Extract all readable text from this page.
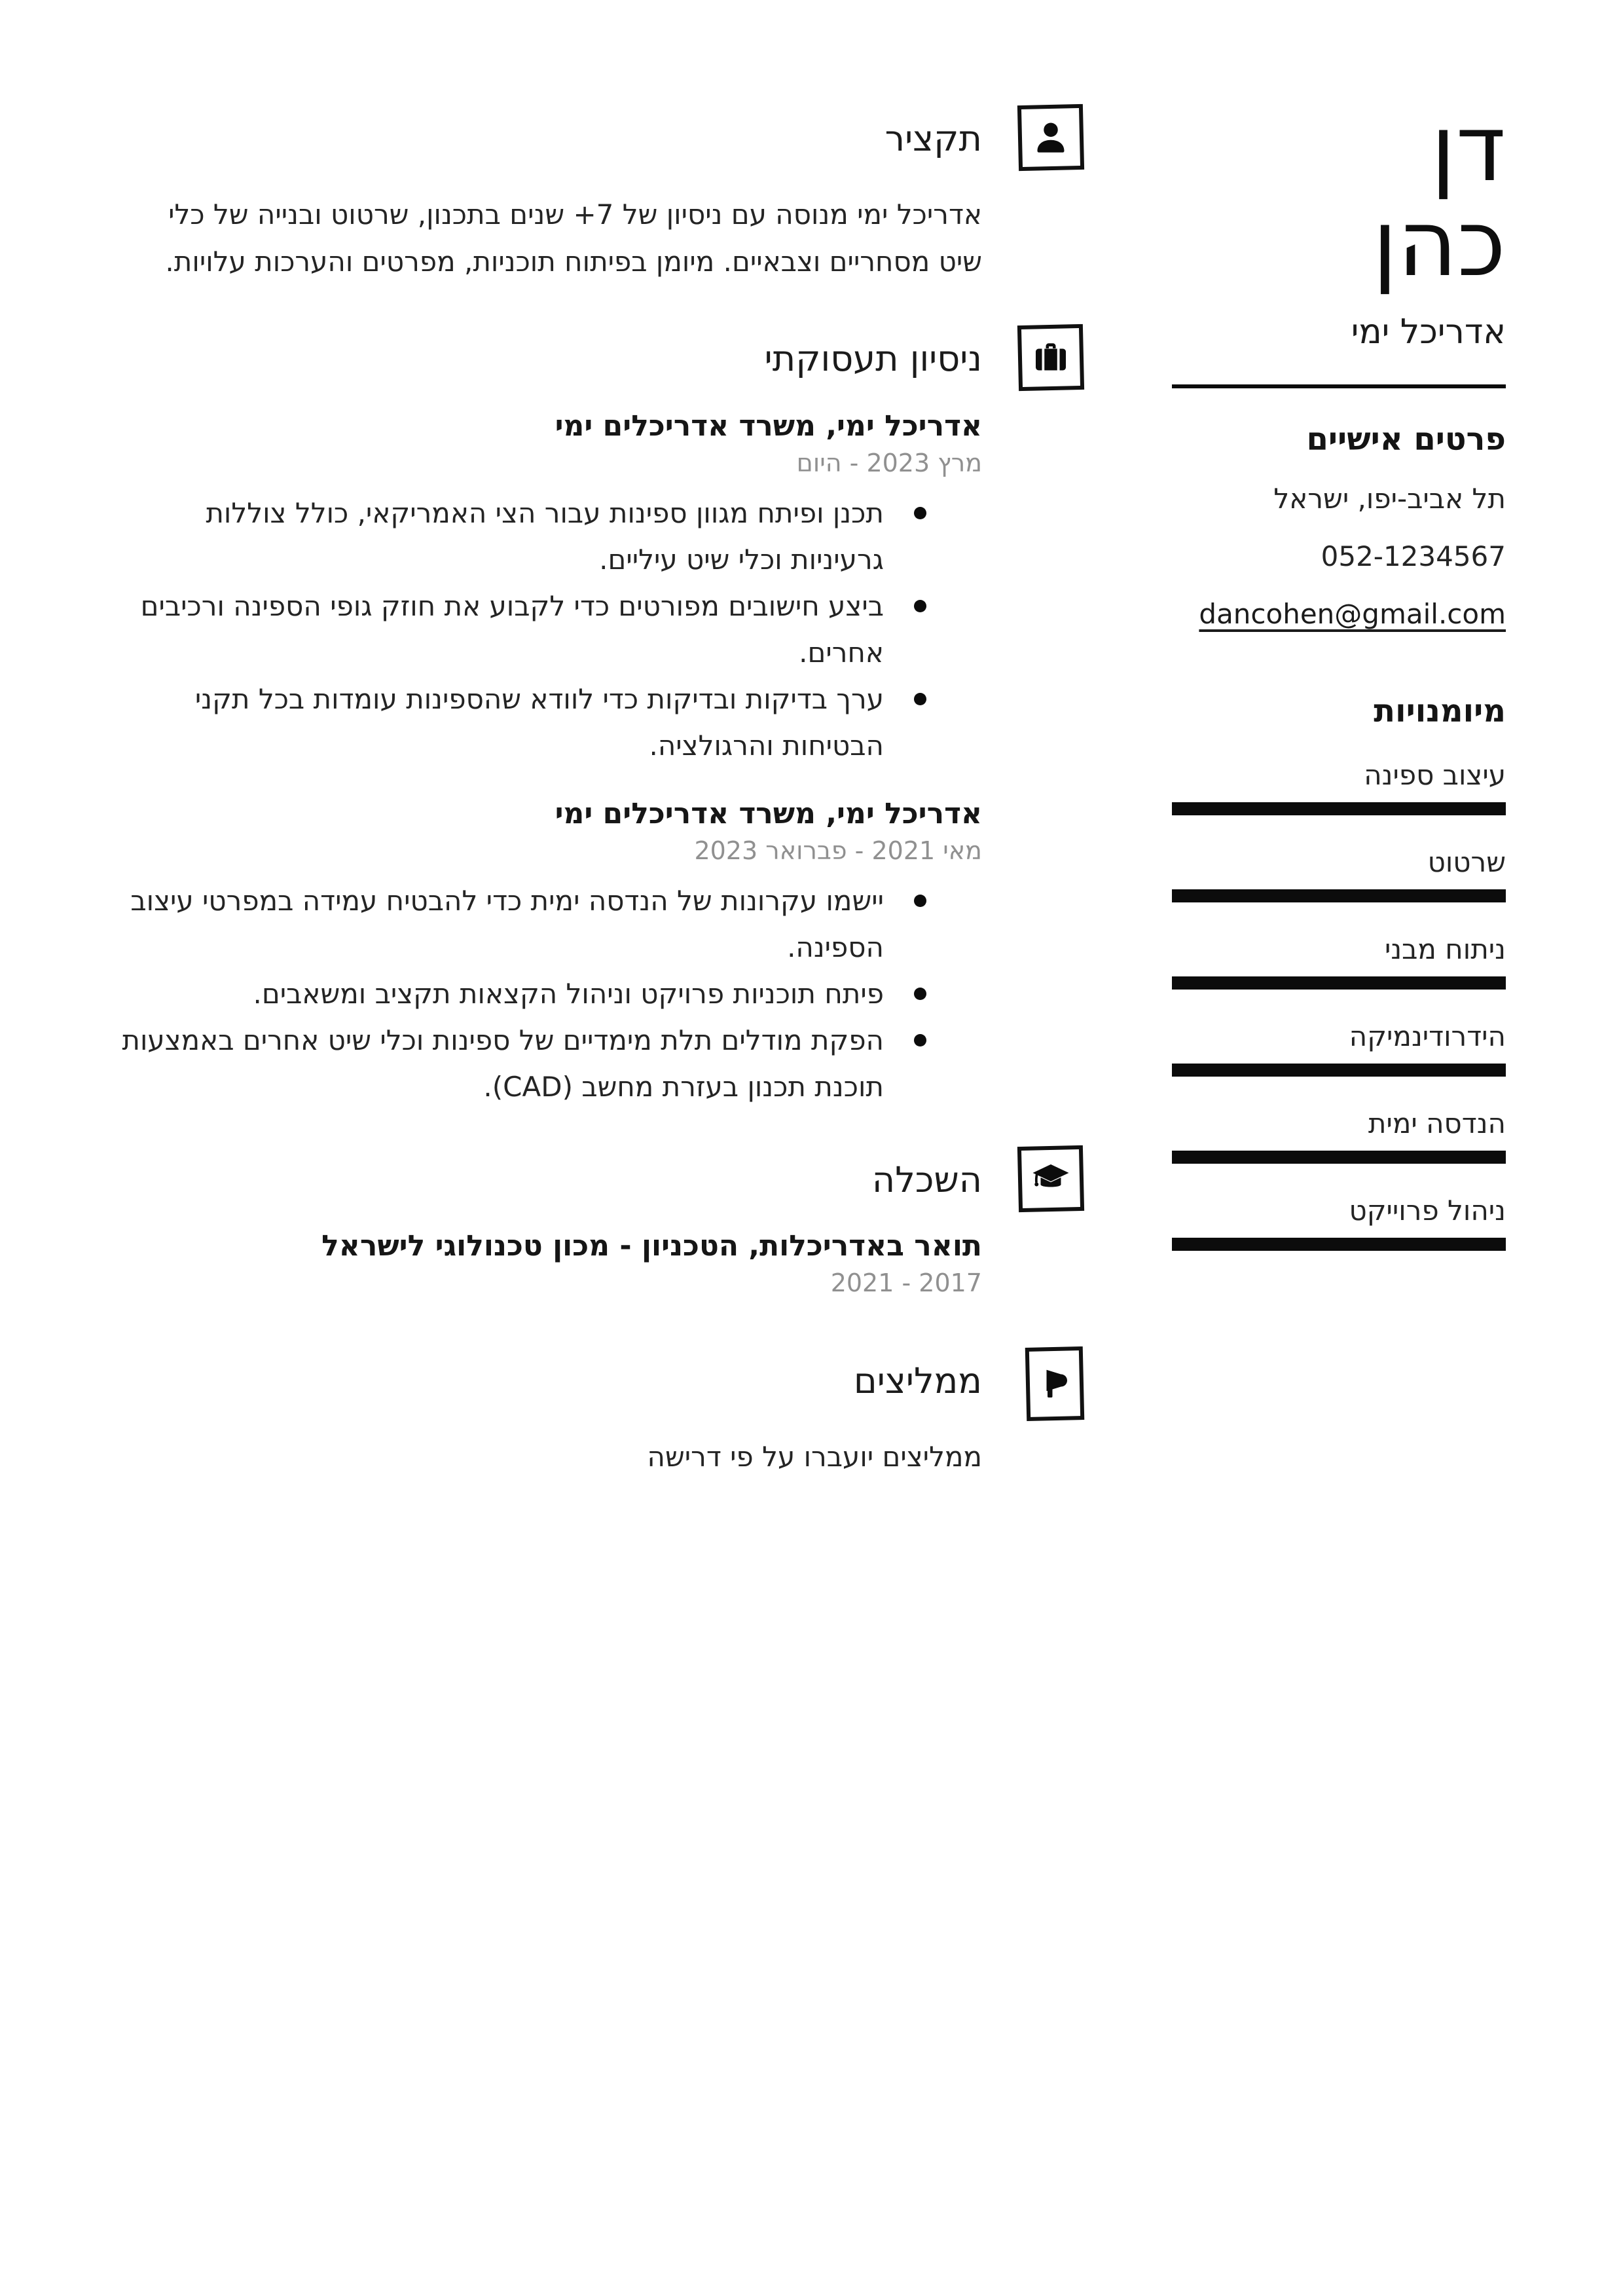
תקציר

אדריכל ימי מנוסה עם ניסיון של 7+ שנים בתכנון, שרטוט ובנייה של כלי שיט מסחריים וצבאיים. מיומן בפיתוח תוכניות, מפרטים והערכות עלויות.

ניסיון תעסוקתי
אדריכל ימי, משרד אדריכלים ימי
מרץ 2023 - היום
תכנן ופיתח מגוון ספינות עבור הצי האמריקאי, כולל צוללות גרעיניות וכלי שיט עיליים.
ביצע חישובים מפורטים כדי לקבוע את חוזק גופי הספינה ורכיבים אחרים.
ערך בדיקות ובדיקות כדי לוודא שהספינות עומדות בכל תקני הבטיחות והרגולציה.
אדריכל ימי, משרד אדריכלים ימי
מאי 2021 - פברואר 2023
יישמו עקרונות של הנדסה ימית כדי להבטיח עמידה במפרטי עיצוב הספינה.
פיתח תוכניות פרויקט וניהול הקצאות תקציב ומשאבים.
הפקת מודלים תלת מימדיים של ספינות וכלי שיט אחרים באמצעות תוכנת תכנון בעזרת מחשב (CAD).
השכלה
תואר באדריכלות, הטכניון - מכון טכנולוגי לישראל
2017 - 2021
ממליצים

ממליצים יועברו על פי דרישה

דן
כהן
אדריכל ימי
פרטים אישיים
תל אביב-יפו, ישראל
052-1234567
dancohen@gmail.com
מיומנויות
עיצוב ספינה
שרטוט
ניתוח מבני
הידרודינמיקה
הנדסה ימית
ניהול פרוייקט
